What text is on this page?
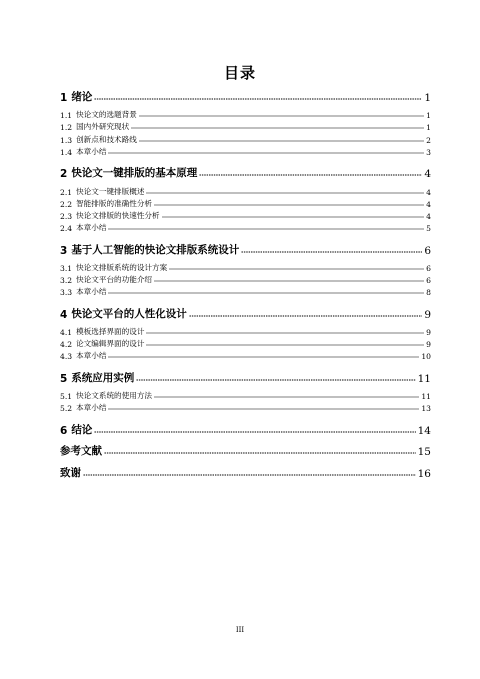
目录
1 绪论	1
1.1 快论文的选题背景	1
1.2 国内外研究现状	1
1.3 创新点和技术路线	2
1.4 本章小结	3
2 快论文一键排版的基本原理	4
2.1 快论文一键排版概述	4
2.2 智能排版的准确性分析	4
2.3 快论文排版的快速性分析	4
2.4 本章小结	5
3 基于人工智能的快论文排版系统设计	6
3.1 快论文排版系统的设计方案	6
3.2 快论文平台的功能介绍	6
3.3 本章小结	8
4 快论文平台的人性化设计	9
4.1 模板选择界面的设计	9
4.2 论文编辑界面的设计	9
4.3 本章小结	10
5 系统应用实例	11
5.1 快论文系统的使用方法	11
5.2 本章小结	13
6 结论	14
参考文献	15
致谢	16
III
